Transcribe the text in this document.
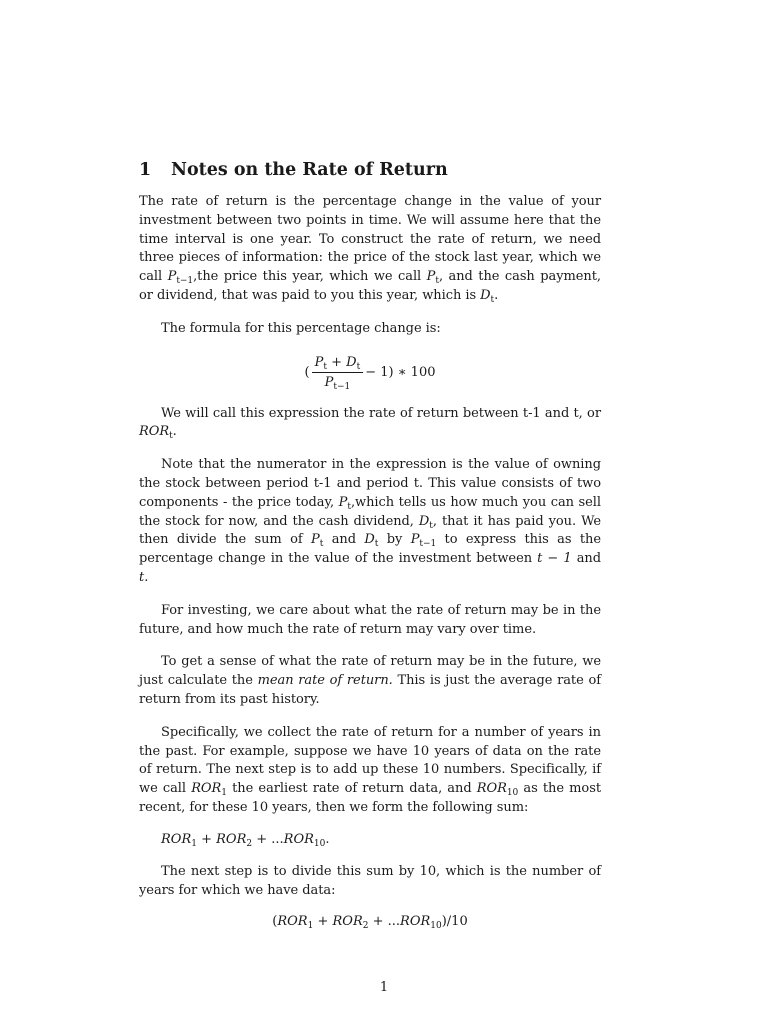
1 Notes on the Rate of Return

The rate of return is the percentage change in the value of your investment between two points in time. We will assume here that the time interval is one year. To construct the rate of return, we need three pieces of information: the price of the stock last year, which we call $P_{t-1},the$ price this year, which we call $P_t$, and the cash payment, or dividend, that was paid to you this year, which is $D_t$.

The formula for this percentage change is:

( $\frac{P_t + D_t}{P_{t-1}} - 1$) ∗ 100

We will call this expression the rate of return between t-1 and t, or $ROR_t$.

Note that the numerator in the expression is the value of owning the stock between period t-1 and period t. This value consists of two components - the price today, $P_t,which$ tells us how much you can sell the stock for now, and the cash dividend, $D_t$, that it has paid you. We then divide the sum of $P_t$ and $D_t$ by $P_{t-1}$ to express this as the percentage change in the value of the investment between t − 1 and t.

For investing, we care about what the rate of return may be in the future, and how much the rate of return may vary over time.

To get a sense of what the rate of return may be in the future, we just calculate the mean rate of return. This is just the average rate of return from its past history.

Specifically, we collect the rate of return for a number of years in the past. For example, suppose we have 10 years of data on the rate of return. The next step is to add up these 10 numbers. Specifically, if we call $ROR_1$ the earliest rate of return data, and $ROR_{10}$ as the most recent, for these 10 years, then we form the following sum:

$ROR_1 + ROR_2 + ...ROR_{10}$.

The next step is to divide this sum by 10, which is the number of years for which we have data:

$(ROR_1 + ROR_2 + ...ROR_{10})/10$
1
